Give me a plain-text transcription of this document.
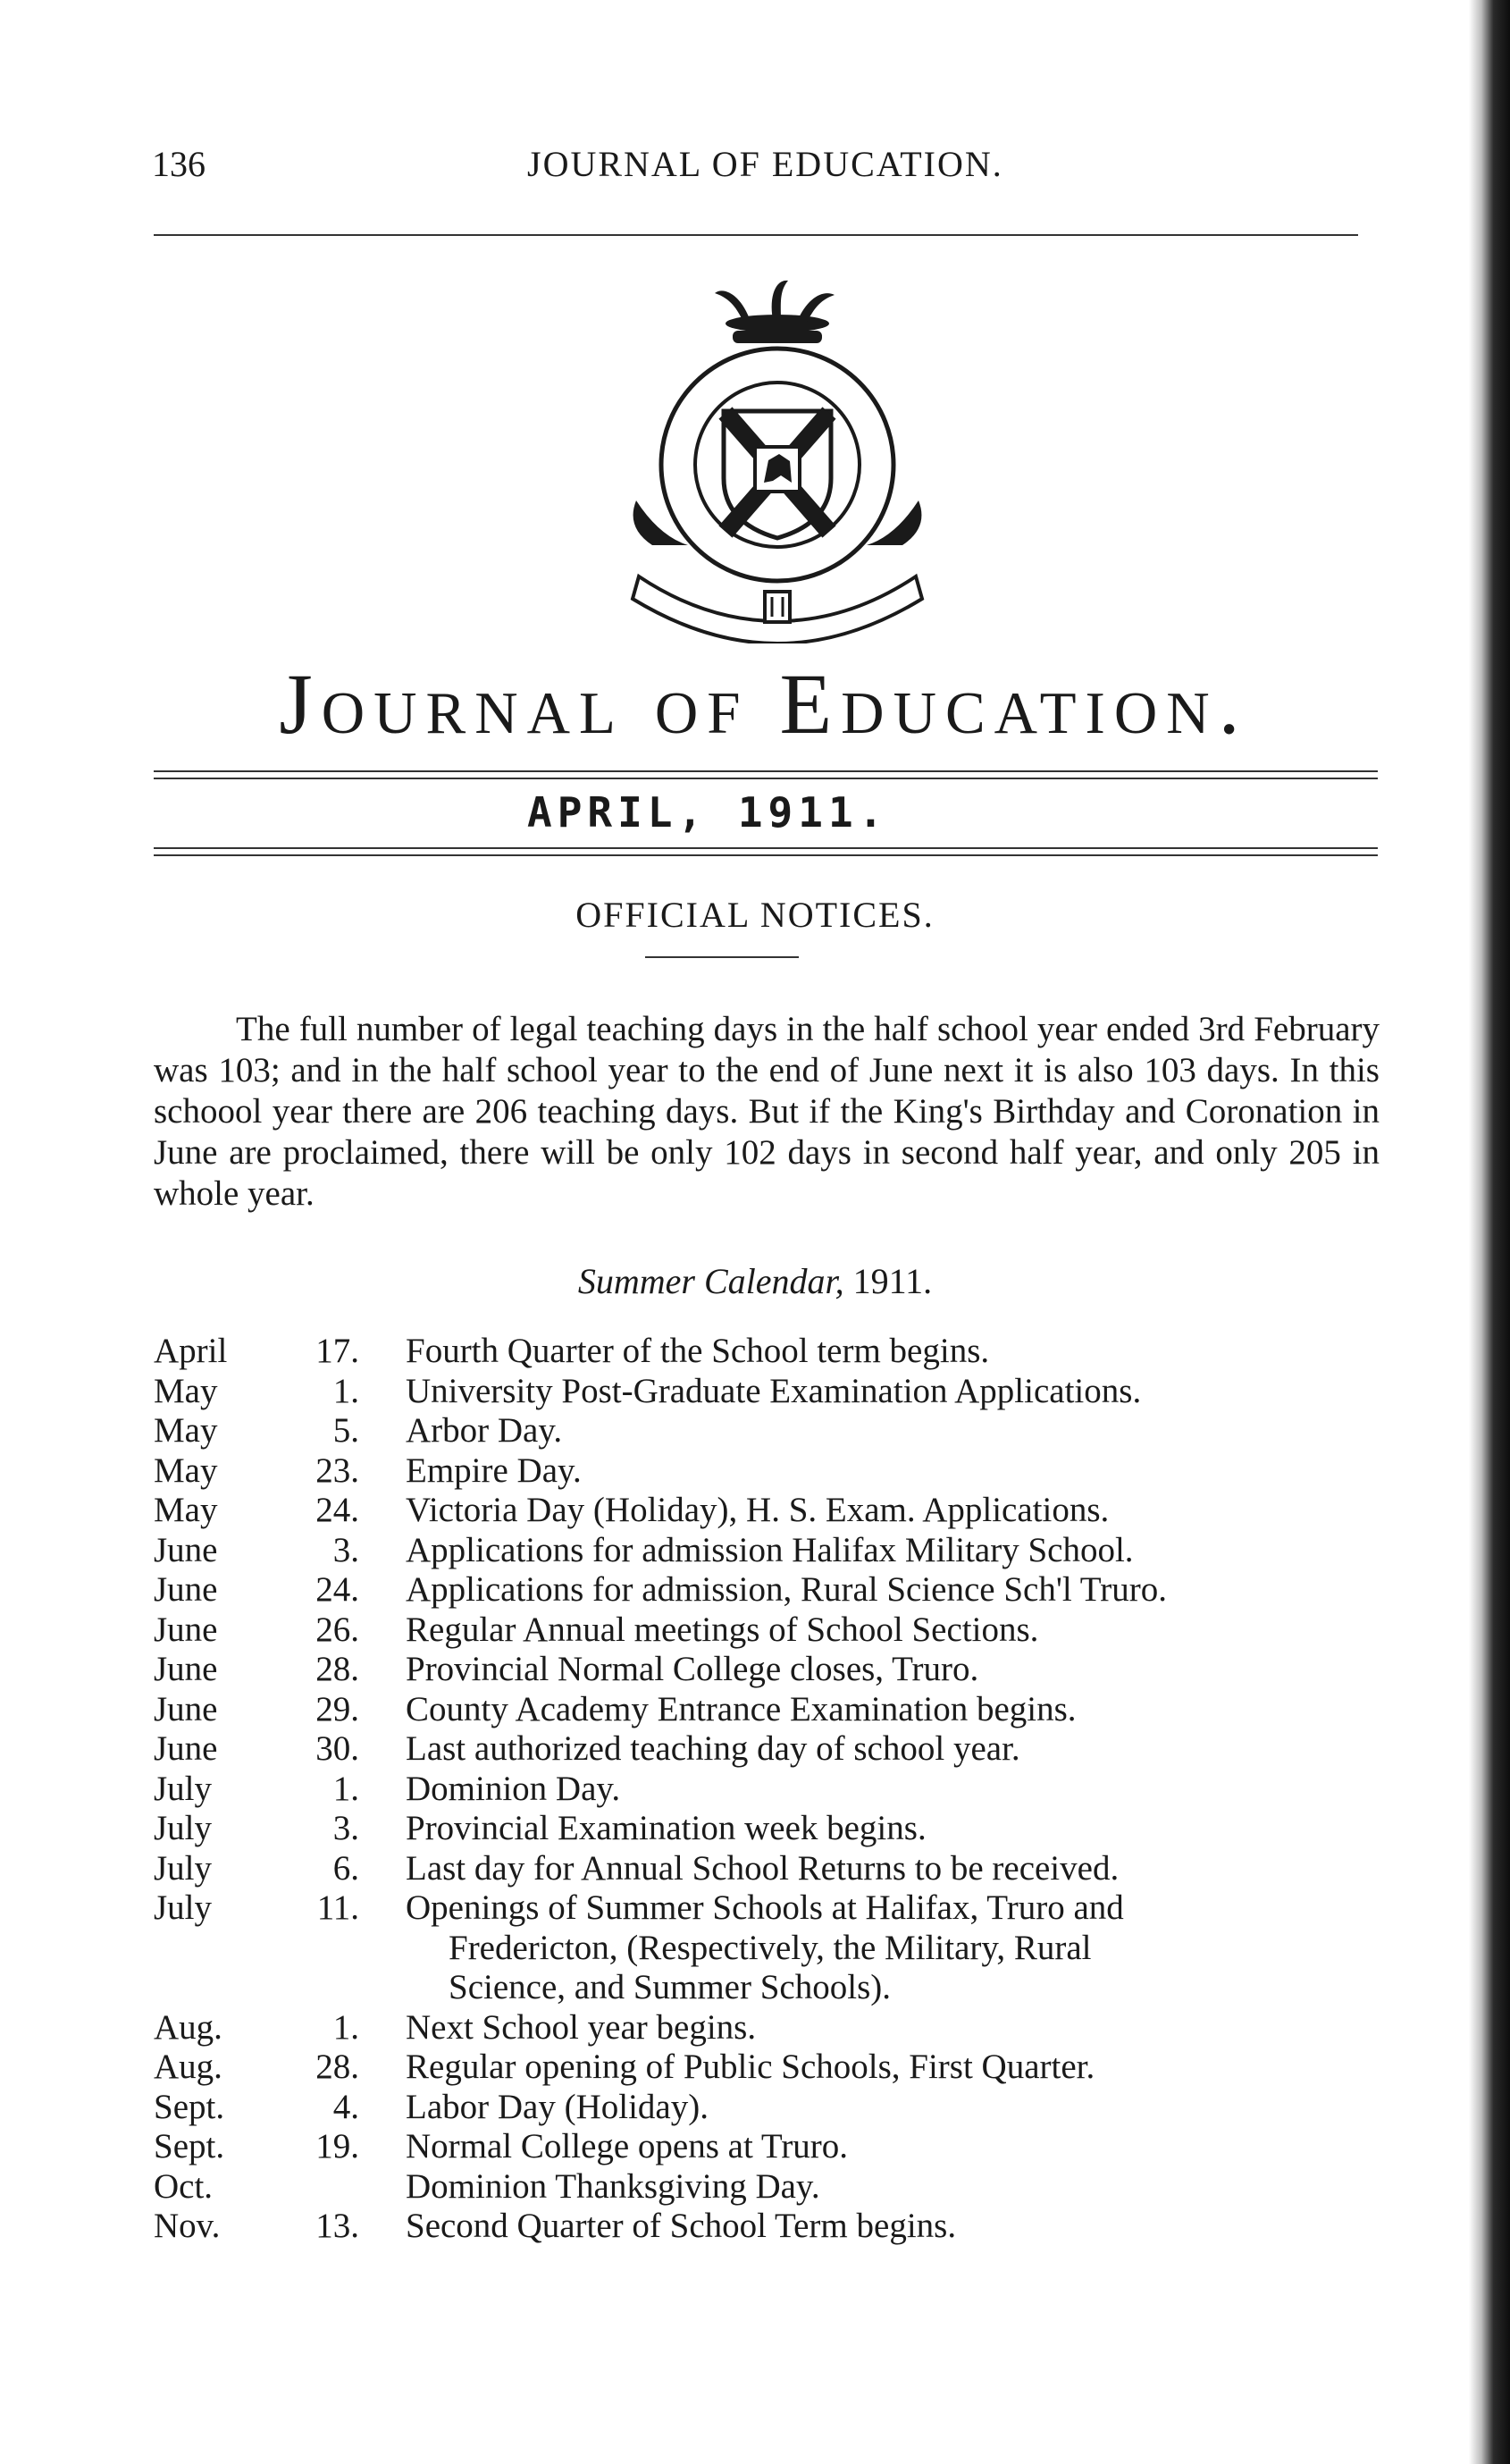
136	JOURNAL OF EDUCATION.
Journal of Education.
APRIL, 1911.
OFFICIAL NOTICES.

The full number of legal teaching days in the half school year ended 3rd February was 103; and in the half school year to the end of June next it is also 103 days. In this schoool year there are 206 teaching days. But if the King's Birthday and Coronation in June are proclaimed, there will be only 102 days in second half year, and only 205 in whole year.

Summer Calendar, 1911.
April	17. Fourth Quarter of the School term begins.
May	1. University Post-Graduate Examination Applications.
May	5. Arbor Day.
May	23. Empire Day.
May	24. Victoria Day (Holiday), H. S. Exam. Applications.
June	3. Applications for admission Halifax Military School.
June	24. Applications for admission, Rural Science Sch'l Truro.
June	26. Regular Annual meetings of School Sections.
June	28. Provincial Normal College closes, Truro.
June	29. County Academy Entrance Examination begins.
June	30. Last authorized teaching day of school year.
July	1. Dominion Day.
July	3. Provincial Examination week begins.
July	6. Last day for Annual School Returns to be received.
July	11. Openings of Summer Schools at Halifax, Truro and
Fredericton, (Respectively, the Military, Rural
Science, and Summer Schools).
Aug.	1. Next School year begins.
Aug.	28. Regular opening of Public Schools, First Quarter.
Sept.	4. Labor Day (Holiday).
Sept.	19. Normal College opens at Truro.
Oct.	Dominion Thanksgiving Day.
Nov.	13. Second Quarter of School Term begins.
